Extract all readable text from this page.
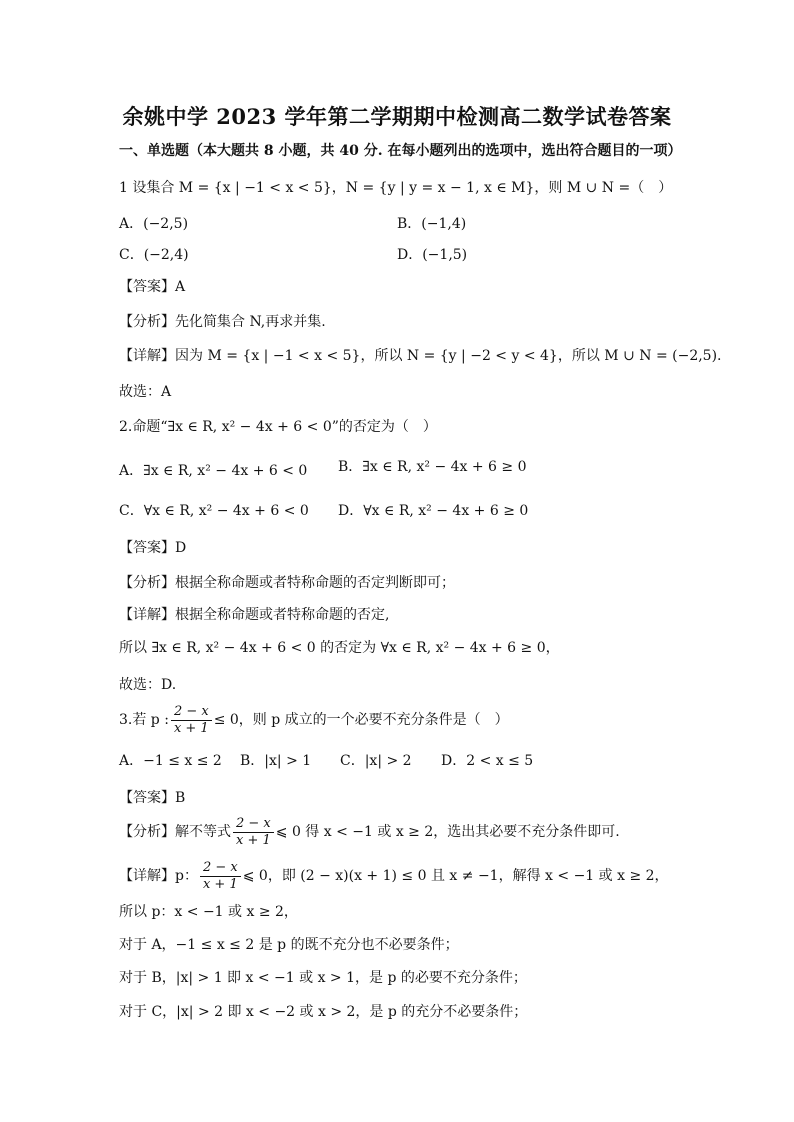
余姚中学 2023 学年第二学期期中检测高二数学试卷答案
一、单选题（本大题共 8 小题，共 40 分. 在每小题列出的选项中，选出符合题目的一项）
1 设集合 M = {x | −1 < x < 5}，N = {y | y = x − 1, x ∈ M}，则 M ∪ N =（　）
A．(−2,5)	B．(−1,4)
C．(−2,4)	D．(−1,5)
【答案】A
【分析】先化简集合 N,再求并集.
【详解】因为 M = {x | −1 < x < 5}，所以 N = {y | −2 < y < 4}，所以 M ∪ N = (−2,5).
故选：A
2.命题“∃x ∈ R, x² − 4x + 6 < 0”的否定为（　）
A．∃x ∈ R, x² − 4x + 6 < 0 B．∃x ∈ R, x² − 4x + 6 ≥ 0
C．∀x ∈ R, x² − 4x + 6 < 0 D．∀x ∈ R, x² − 4x + 6 ≥ 0
【答案】D
【分析】根据全称命题或者特称命题的否定判断即可；
【详解】根据全称命题或者特称命题的否定,
所以 ∃x ∈ R, x² − 4x + 6 < 0 的否定为 ∀x ∈ R, x² − 4x + 6 ≥ 0，
故选：D.
3.若 p : $\frac{2 - x}{x + 1} \le 0$，则 p 成立的一个必要不充分条件是（　）
A．−1 ≤ x ≤ 2 B．|x| > 1 C．|x| > 2 D．2 < x ≤ 5
【答案】B
【分析】解不等式 $\frac{2 - x}{x + 1}$ ⩽ 0 得 x < −1 或 x ≥ 2，选出其必要不充分条件即可.
【详解】p： $\frac{2 - x}{x + 1}$ ⩽ 0，即 (2 − x)(x + 1) ≤ 0 且 x ≠ −1，解得 x < −1 或 x ≥ 2，
所以 p：x < −1 或 x ≥ 2，
对于 A，−1 ≤ x ≤ 2 是 p 的既不充分也不必要条件；
对于 B，|x| > 1 即 x < −1 或 x > 1，是 p 的必要不充分条件；
对于 C，|x| > 2 即 x < −2 或 x > 2，是 p 的充分不必要条件；
